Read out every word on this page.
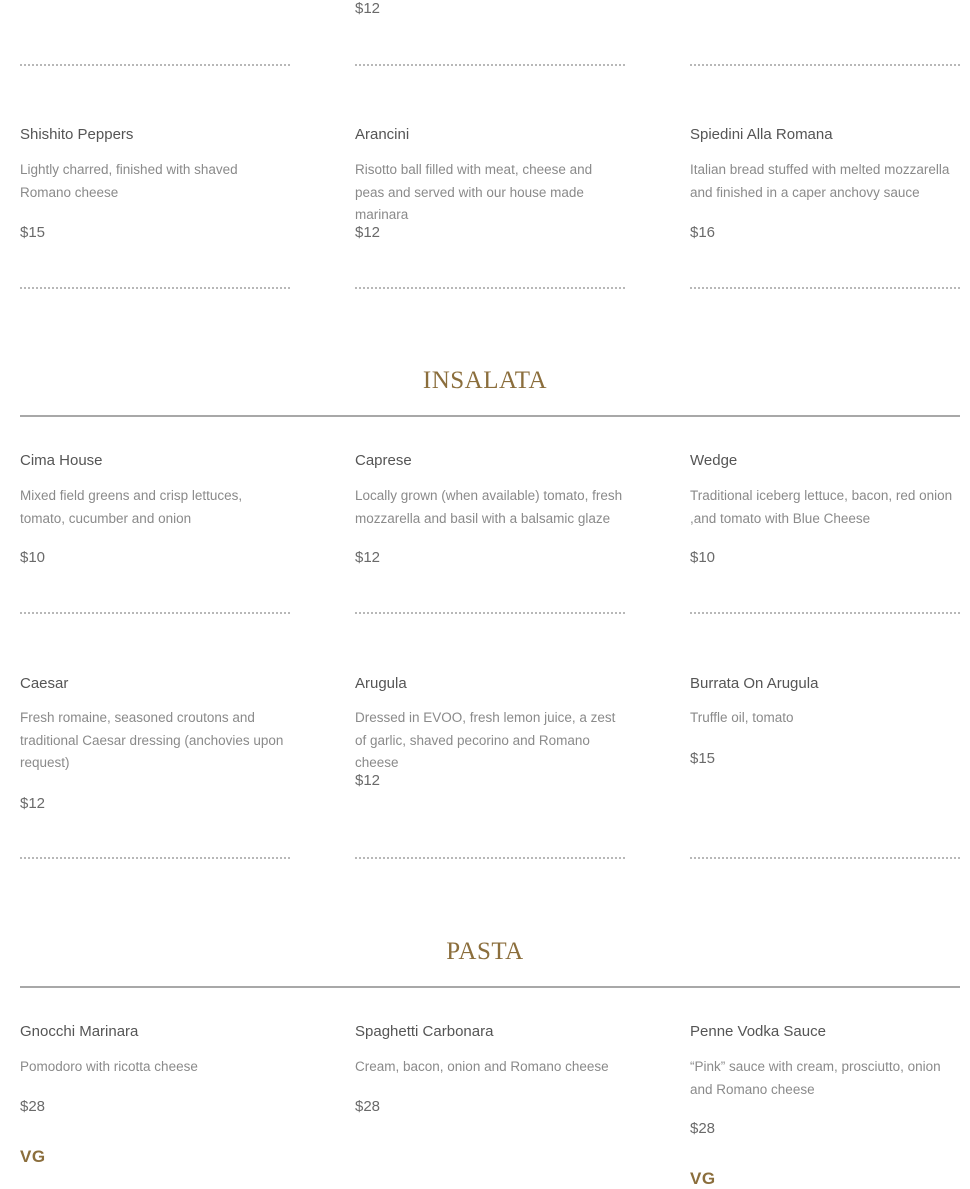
$12
Shishito Peppers
Lightly charred, finished with shaved Romano cheese
$15
Arancini
Risotto ball filled with meat, cheese and peas and served with our house made marinara
$12
Spiedini Alla Romana
Italian bread stuffed with melted mozzarella and finished in a caper anchovy sauce
$16
INSALATA
Cima House
Mixed field greens and crisp lettuces, tomato, cucumber and onion
$10
Caprese
Locally grown (when available) tomato, fresh mozzarella and basil with a balsamic glaze
$12
Wedge
Traditional iceberg lettuce, bacon, red onion ,and tomato with Blue Cheese
$10
Caesar
Fresh romaine, seasoned croutons and traditional Caesar dressing (anchovies upon request)
$12
Arugula
Dressed in EVOO, fresh lemon juice, a zest of garlic, shaved pecorino and Romano cheese
$12
Burrata On Arugula
Truffle oil, tomato
$15
PASTA
Gnocchi Marinara
Pomodoro with ricotta cheese
$28
VG
Spaghetti Carbonara
Cream, bacon, onion and Romano cheese
$28
Penne Vodka Sauce
“Pink” sauce with cream, prosciutto, onion and Romano cheese
$28
VG
